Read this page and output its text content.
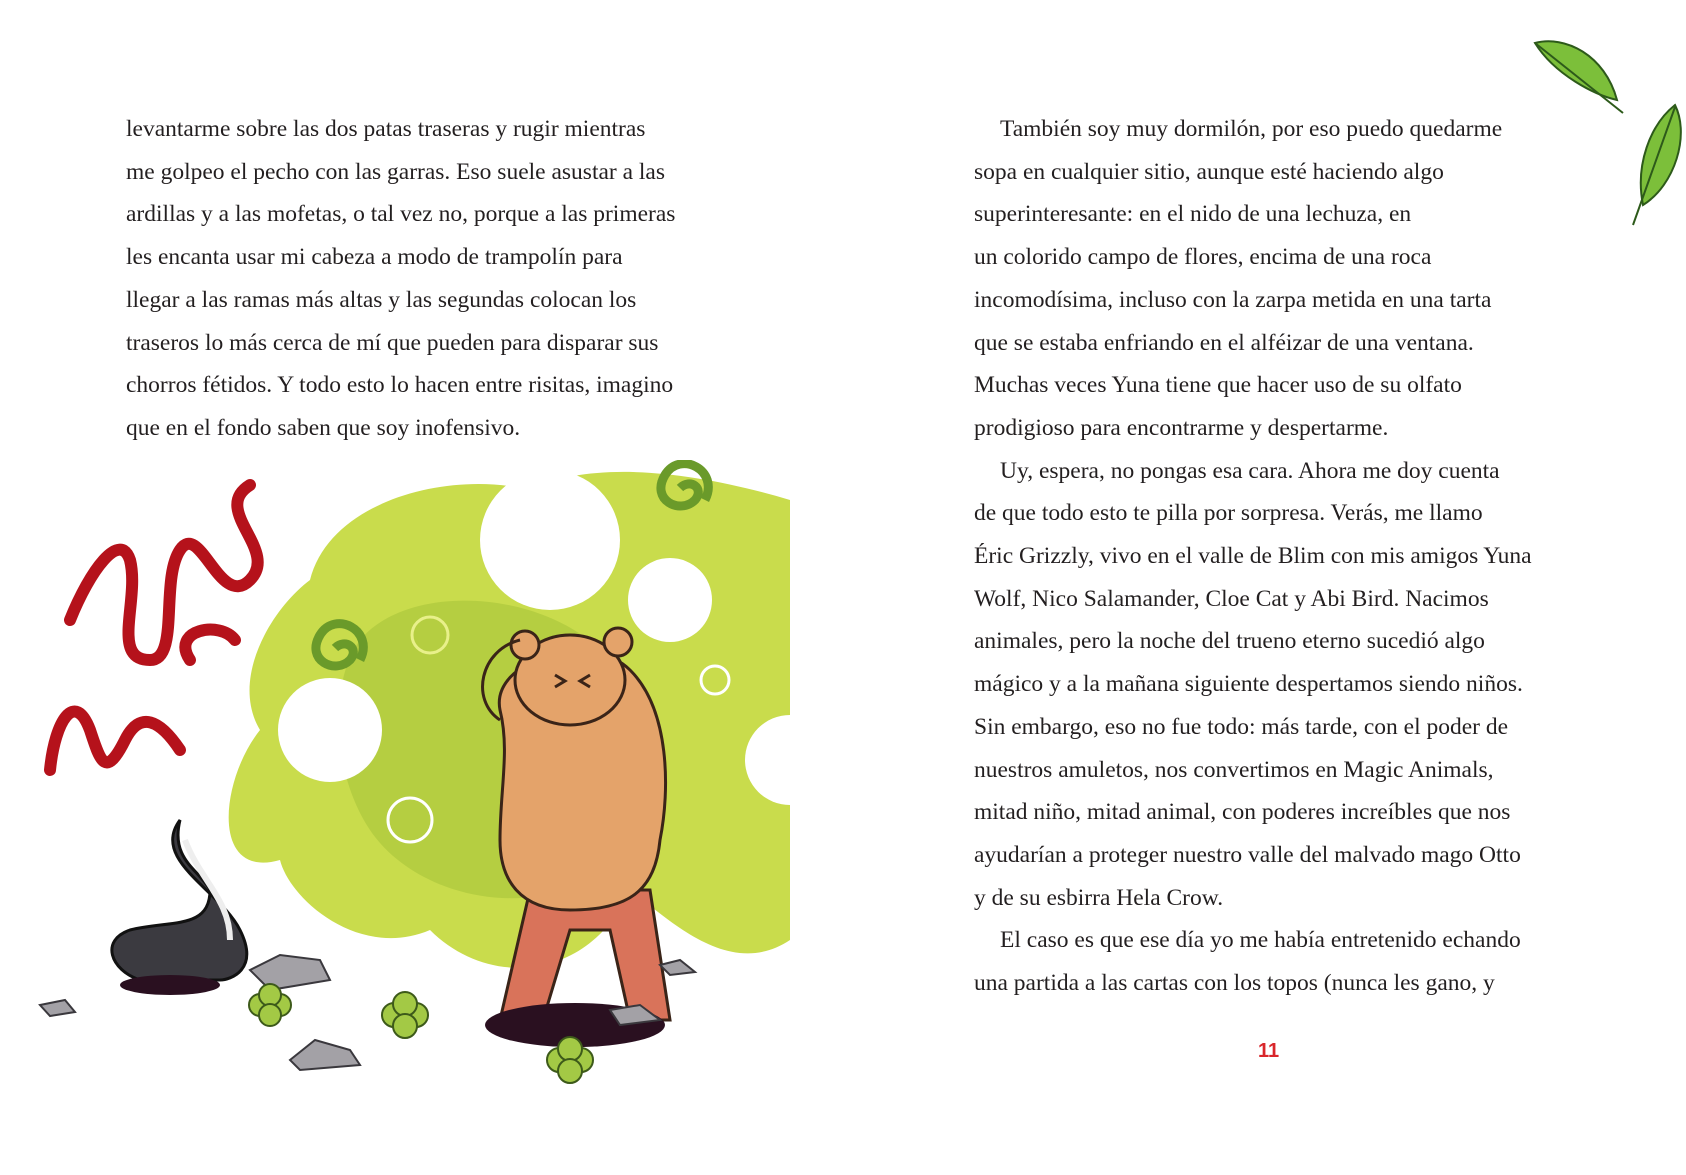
levantarme sobre las dos patas traseras y rugir mientras
me golpeo el pecho con las garras. Eso suele asustar a las
ardillas y a las mofetas, o tal vez no, porque a las primeras
les encanta usar mi cabeza a modo de trampolín para
llegar a las ramas más altas y las segundas colocan los
traseros lo más cerca de mí que pueden para disparar sus
chorros fétidos. Y todo esto lo hacen entre risitas, imagino
que en el fondo saben que soy inofensivo.
También soy muy dormilón, por eso puedo quedarme
sopa en cualquier sitio, aunque esté haciendo algo
superinteresante: en el nido de una lechuza, en
un colorido campo de flores, encima de una roca
incomodísima, incluso con la zarpa metida en una tarta
que se estaba enfriando en el alféizar de una ventana.
Muchas veces Yuna tiene que hacer uso de su olfato
prodigioso para encontrarme y despertarme.
Uy, espera, no pongas esa cara. Ahora me doy cuenta
de que todo esto te pilla por sorpresa. Verás, me llamo
Éric Grizzly, vivo en el valle de Blim con mis amigos Yuna
Wolf, Nico Salamander, Cloe Cat y Abi Bird. Nacimos
animales, pero la noche del trueno eterno sucedió algo
mágico y a la mañana siguiente despertamos siendo niños.
Sin embargo, eso no fue todo: más tarde, con el poder de
nuestros amuletos, nos convertimos en Magic Animals,
mitad niño, mitad animal, con poderes increíbles que nos
ayudarían a proteger nuestro valle del malvado mago Otto
y de su esbirra Hela Crow.
El caso es que ese día yo me había entretenido echando
una partida a las cartas con los topos (nunca les gano, y
11
